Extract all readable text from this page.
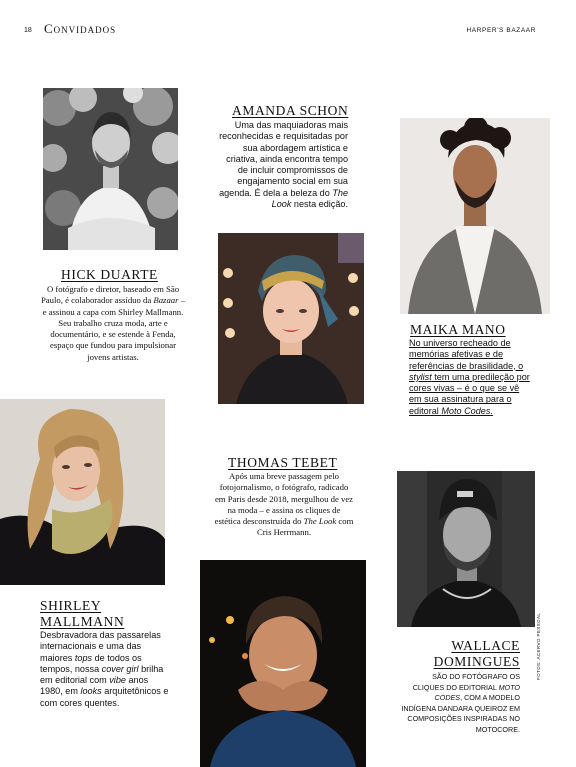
18 Convidados	HARPER'S BAZAAR
AMANDA SCHON
Uma das maquiadoras mais reconhecidas e requisitadas por sua abordagem artística e criativa, ainda encontra tempo de incluir compromissos de engajamento social em sua agenda. É dela a beleza do The Look nesta edição.
HICK DUARTE
O fotógrafo e diretor, baseado em São Paulo, é colaborador assíduo da Bazaar – e assinou a capa com Shirley Mallmann. Seu trabalho cruza moda, arte e documentário, e se estende à Fenda, espaço que fundou para impulsionar jovens artistas.
MAIKA MANO
No universo recheado de memórias afetivas e de referências de brasilidade, o stylist tem uma predileção por cores vivas – é o que se vê em sua assinatura para o editoral Moto Codes.
THOMAS TEBET
Após uma breve passagem pelo fotojornalismo, o fotógrafo, radicado em Paris desde 2018, mergulhou de vez na moda – e assina os cliques de estética desconstruída do The Look com Cris Herrmann.
SHIRLEY
MALLMANN
Desbravadora das passarelas internacionais e uma das maiores tops de todos os tempos, nossa cover girl brilha em editorial com vibe anos 1980, em looks arquitetônicos e com cores quentes.
WALLACE
DOMINGUES
SÃO DO FOTÓGRAFO OS CLIQUES DO EDITORIAL MOTO CODES, COM A MODELO INDÍGENA DANDARA QUEIROZ EM COMPOSIÇÕES INSPIRADAS NO MOTOCORE.
FOTOS: ACERVO PESSOAL
